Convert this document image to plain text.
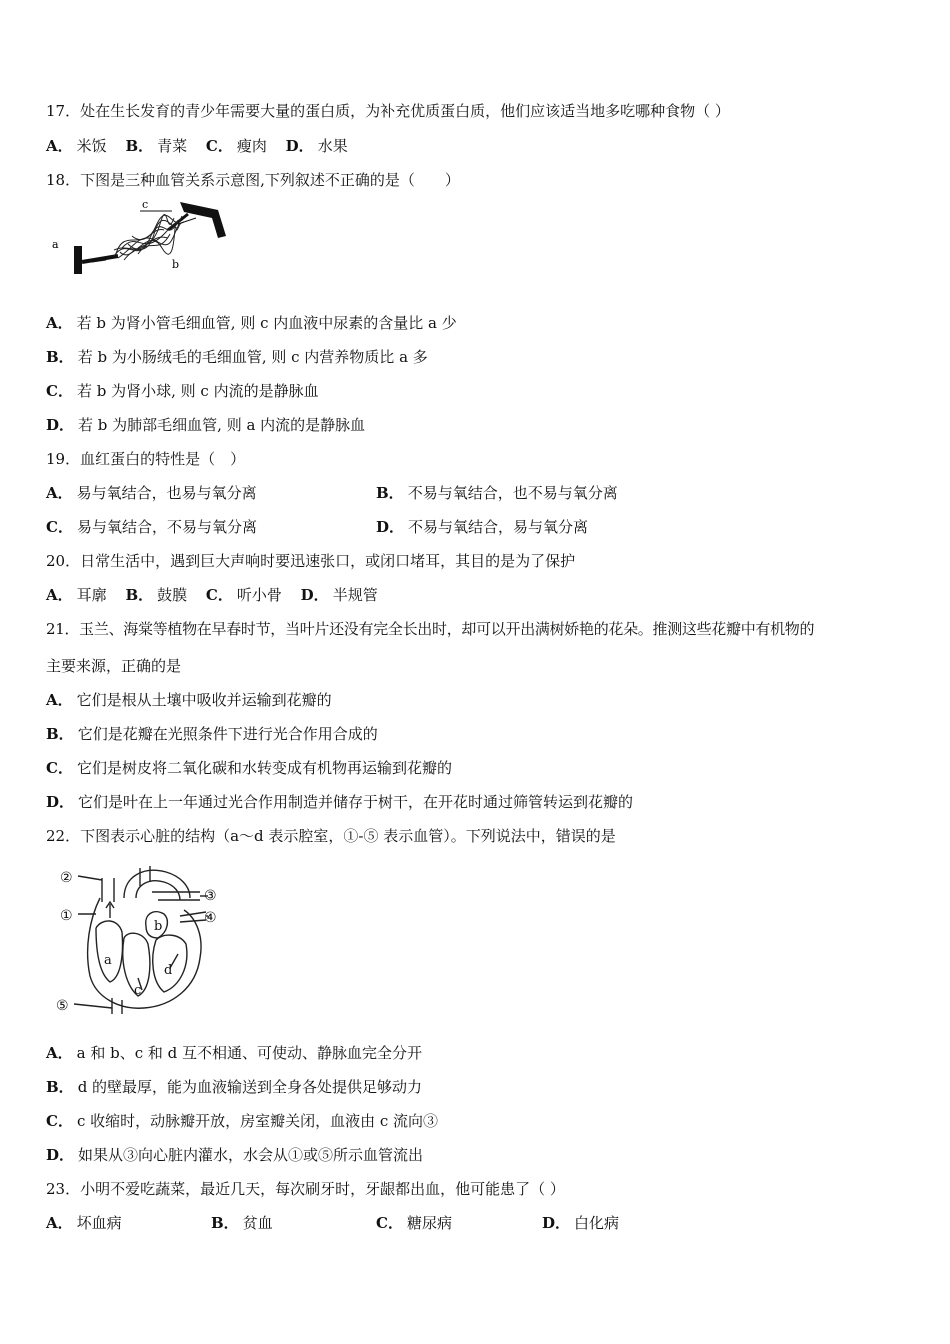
17．处在生长发育的青少年需要大量的蛋白质，为补充优质蛋白质，他们应该适当地多吃哪种食物（ ）
A． 米饭 B． 青菜 C． 瘦肉 D． 水果
18．下图是三种血管关系示意图,下列叙述不正确的是（　　）
a
b
c
A． 若 b 为肾小管毛细血管, 则 c 内血液中尿素的含量比 a 少
B． 若 b 为小肠绒毛的毛细血管, 则 c 内营养物质比 a 多
C． 若 b 为肾小球, 则 c 内流的是静脉血
D． 若 b 为肺部毛细血管, 则 a 内流的是静脉血
19．血红蛋白的特性是（　）
A． 易与氧结合，也易与氧分离	B． 不易与氧结合，也不易与氧分离
C． 易与氧结合，不易与氧分离	D． 不易与氧结合，易与氧分离
20．日常生活中，遇到巨大声响时要迅速张口，或闭口堵耳，其目的是为了保护
A． 耳廓 B． 鼓膜 C． 听小骨 D． 半规管
21．玉兰、海棠等植物在早春时节，当叶片还没有完全长出时，却可以开出满树娇艳的花朵。推测这些花瓣中有机物的
主要来源，正确的是
A． 它们是根从土壤中吸收并运输到花瓣的
B． 它们是花瓣在光照条件下进行光合作用合成的
C． 它们是树皮将二氧化碳和水转变成有机物再运输到花瓣的
D． 它们是叶在上一年通过光合作用制造并储存于树干，在开花时通过筛管转运到花瓣的
22．下图表示心脏的结构（a～d 表示腔室，①-⑤ 表示血管）。下列说法中，错误的是
②
①
③
④
⑤
a
b
c
d
A． a 和 b、c 和 d 互不相通、可使动、静脉血完全分开
B． d 的壁最厚，能为血液输送到全身各处提供足够动力
C． c 收缩时，动脉瓣开放，房室瓣关闭，血液由 c 流向③
D． 如果从③向心脏内灌水，水会从①或⑤所示血管流出
23．小明不爱吃蔬菜，最近几天，每次刷牙时，牙龈都出血，他可能患了（ ）
A． 坏血病	B． 贫血	C． 糖尿病	D． 白化病
